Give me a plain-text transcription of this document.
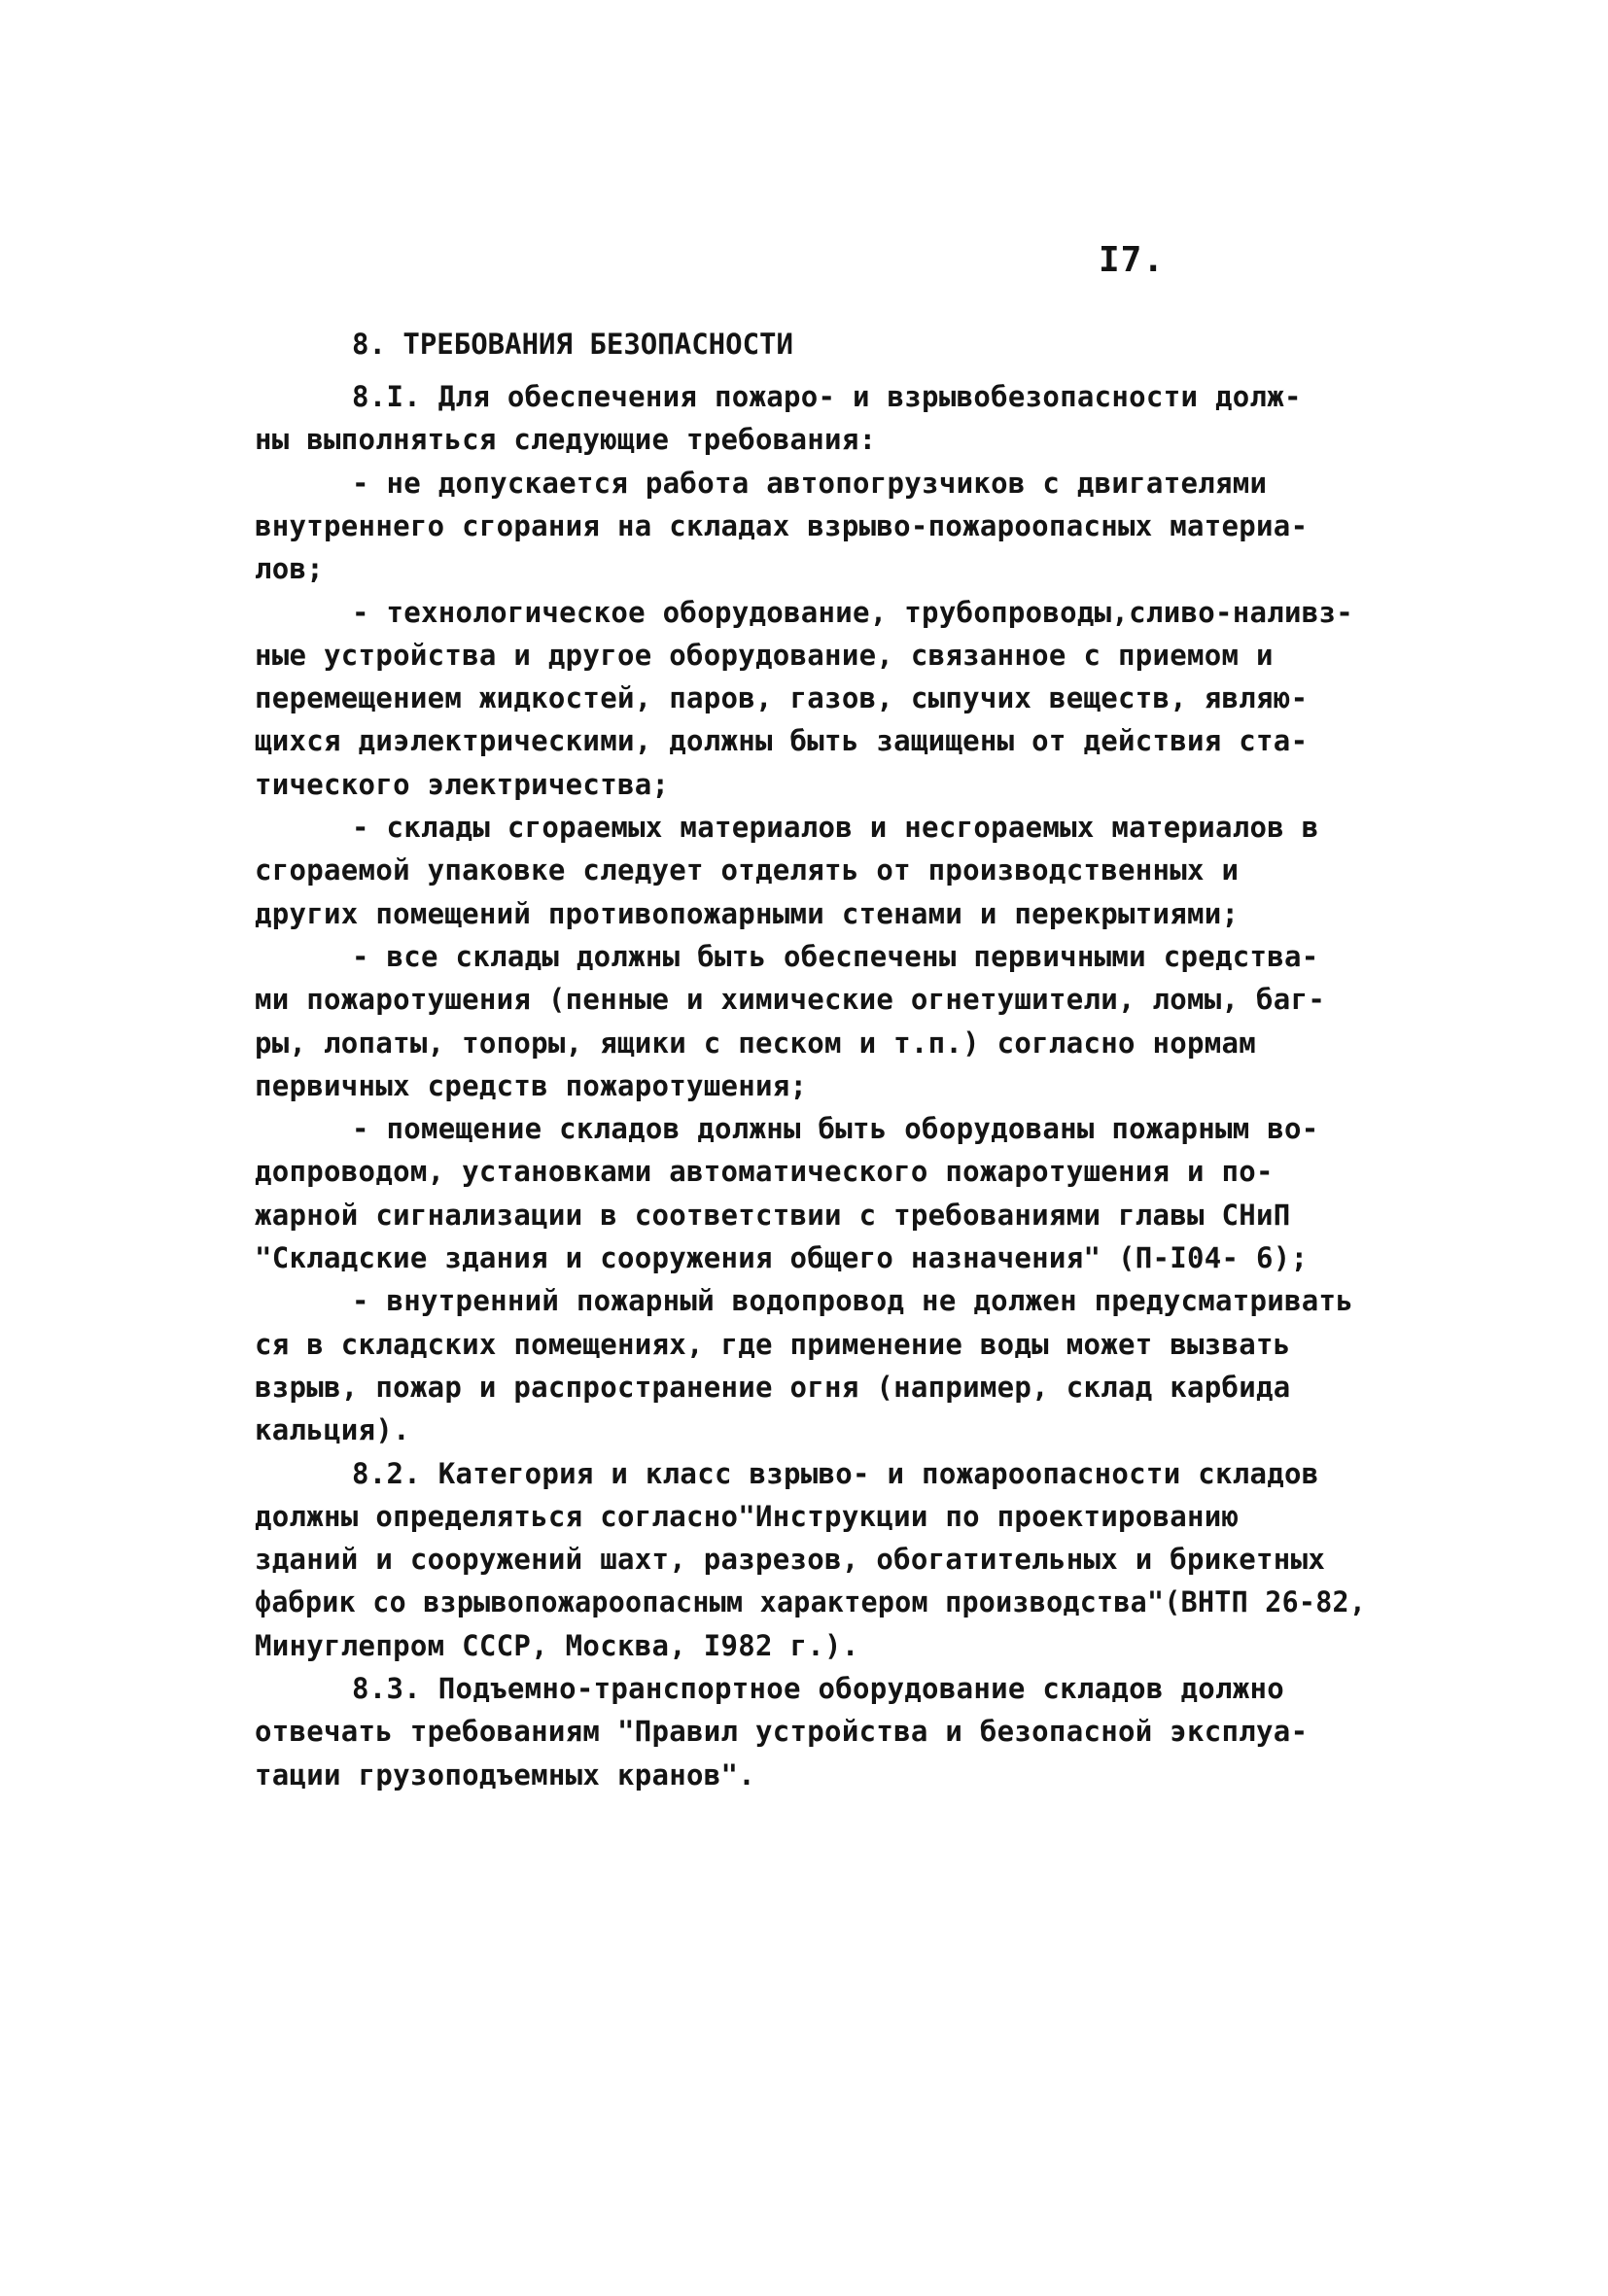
I7.
8. ТРЕБОВАНИЯ БЕЗОПАСНОСТИ
8.I. Для обеспечения пожаро- и взрывобезопасности долж-
ны выполняться следующие требования:
- не допускается работа автопогрузчиков с двигателями
внутреннего сгорания на складах взрыво-пожароопасных материа-
лов;
- технологическое оборудование, трубопроводы,сливо-наливз-
ные устройства и другое оборудование, связанное с приемом и
перемещением жидкостей, паров, газов, сыпучих веществ, являю-
щихся диэлектрическими, должны быть защищены от действия ста-
тического электричества;
- склады сгораемых материалов и несгораемых материалов в
сгораемой упаковке следует отделять от производственных и
других помещений противопожарными стенами и перекрытиями;
- все склады должны быть обеспечены первичными средства-
ми пожаротушения (пенные и химические огнетушители, ломы, баг-
ры, лопаты, топоры, ящики с песком и т.п.) согласно нормам
первичных средств пожаротушения;
- помещение складов должны быть оборудованы пожарным во-
допроводом, установками автоматического пожаротушения и по-
жарной сигнализации в соответствии с требованиями главы СНиП
"Складские здания и сооружения общего назначения" (П-I04- 6);
- внутренний пожарный водопровод не должен предусматривать
ся в складских помещениях, где применение воды может вызвать
взрыв, пожар и распространение огня (например, склад карбида
кальция).
8.2. Категория и класс взрыво- и пожароопасности складов
должны определяться согласно"Инструкции по проектированию
зданий и сооружений шахт, разрезов, обогатительных и брикетных
фабрик со взрывопожароопасным характером производства"(ВНТП 26-82,
Минуглепром СССР, Москва, I982 г.).
8.3. Подъемно-транспортное оборудование складов должно
отвечать требованиям "Правил устройства и безопасной эксплуа-
тации грузоподъемных кранов".
